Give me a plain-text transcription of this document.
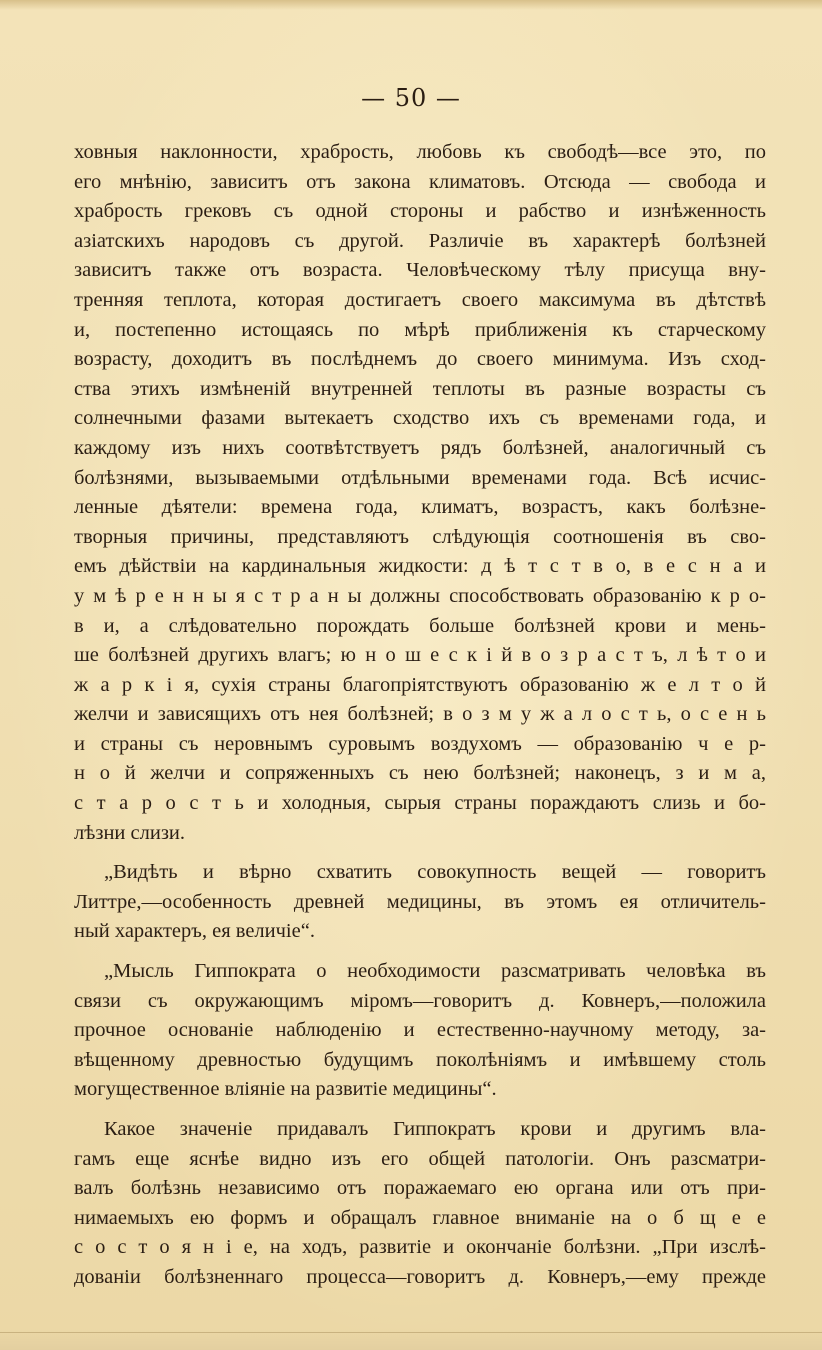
— 50 —

ховныя наклонности, храбрость, любовь къ свободѣ—все это, по
его мнѣнію, зависитъ отъ закона климатовъ. Отсюда — свобода и
храбрость грековъ съ одной стороны и рабство и изнѣженность
азіатскихъ народовъ съ другой. Различіе въ характерѣ болѣзней
зависитъ также отъ возраста. Человѣческому тѣлу присуща вну-
тренняя теплота, которая достигаетъ своего максимума въ дѣтствѣ
и, постепенно истощаясь по мѣрѣ приближенія къ старческому
возрасту, доходитъ въ послѣднемъ до своего минимума. Изъ сход-
ства этихъ измѣненій внутренней теплоты въ разные возрасты съ
солнечными фазами вытекаетъ сходство ихъ съ временами года, и
каждому изъ нихъ соотвѣтствуетъ рядъ болѣзней, аналогичный съ
болѣзнями, вызываемыми отдѣльными временами года. Всѣ исчис-
ленные дѣятели: времена года, климатъ, возрастъ, какъ болѣзне-
творныя причины, представляютъ слѣдующія соотношенія въ сво-
емъ дѣйствіи на кардинальныя жидкости: д ѣ т с т в о, в е с н а и
у м ѣ р е н н ы я с т р а н ы должны способствовать образованію к р о-
в и, а слѣдовательно порождать больше болѣзней крови и мень-
ше болѣзней другихъ влагъ; ю н о ш е с к і й в о з р а с т ъ, л ѣ т о и
ж а р к і я, сухія страны благопріятствуютъ образованію ж е л т о й
желчи и зависящихъ отъ нея болѣзней; в о з м у ж а л о с т ь, о с е н ь
и страны съ неровнымъ суровымъ воздухомъ — образованію ч е р-
н о й желчи и сопряженныхъ съ нею болѣзней; наконецъ, з и м а,
с т а р о с т ь и холодныя, сырыя страны пораждаютъ слизь и бо-
лѣзни слизи.

„Видѣть и вѣрно схватить совокупность вещей — говоритъ
Литтре,—особенность древней медицины, въ этомъ ея отличитель-
ный характеръ, ея величіе“.

„Мысль Гиппократа о необходимости разсматривать человѣка въ
связи съ окружающимъ міромъ—говоритъ д. Ковнеръ,—положила
прочное основаніе наблюденію и естественно-научному методу, за-
вѣщенному древностью будущимъ поколѣніямъ и имѣвшему столь
могущественное вліяніе на развитіе медицины“.

Какое значеніе придавалъ Гиппократъ крови и другимъ вла-
гамъ еще яснѣе видно изъ его общей патологіи. Онъ разсматри-
валъ болѣзнь независимо отъ поражаемаго ею органа или отъ при-
нимаемыхъ ею формъ и обращалъ главное вниманіе на о б щ е е
с о с т о я н і е, на ходъ, развитіе и окончаніе болѣзни. „При изслѣ-
дованіи болѣзненнаго процесса—говоритъ д. Ковнеръ,—ему прежде
